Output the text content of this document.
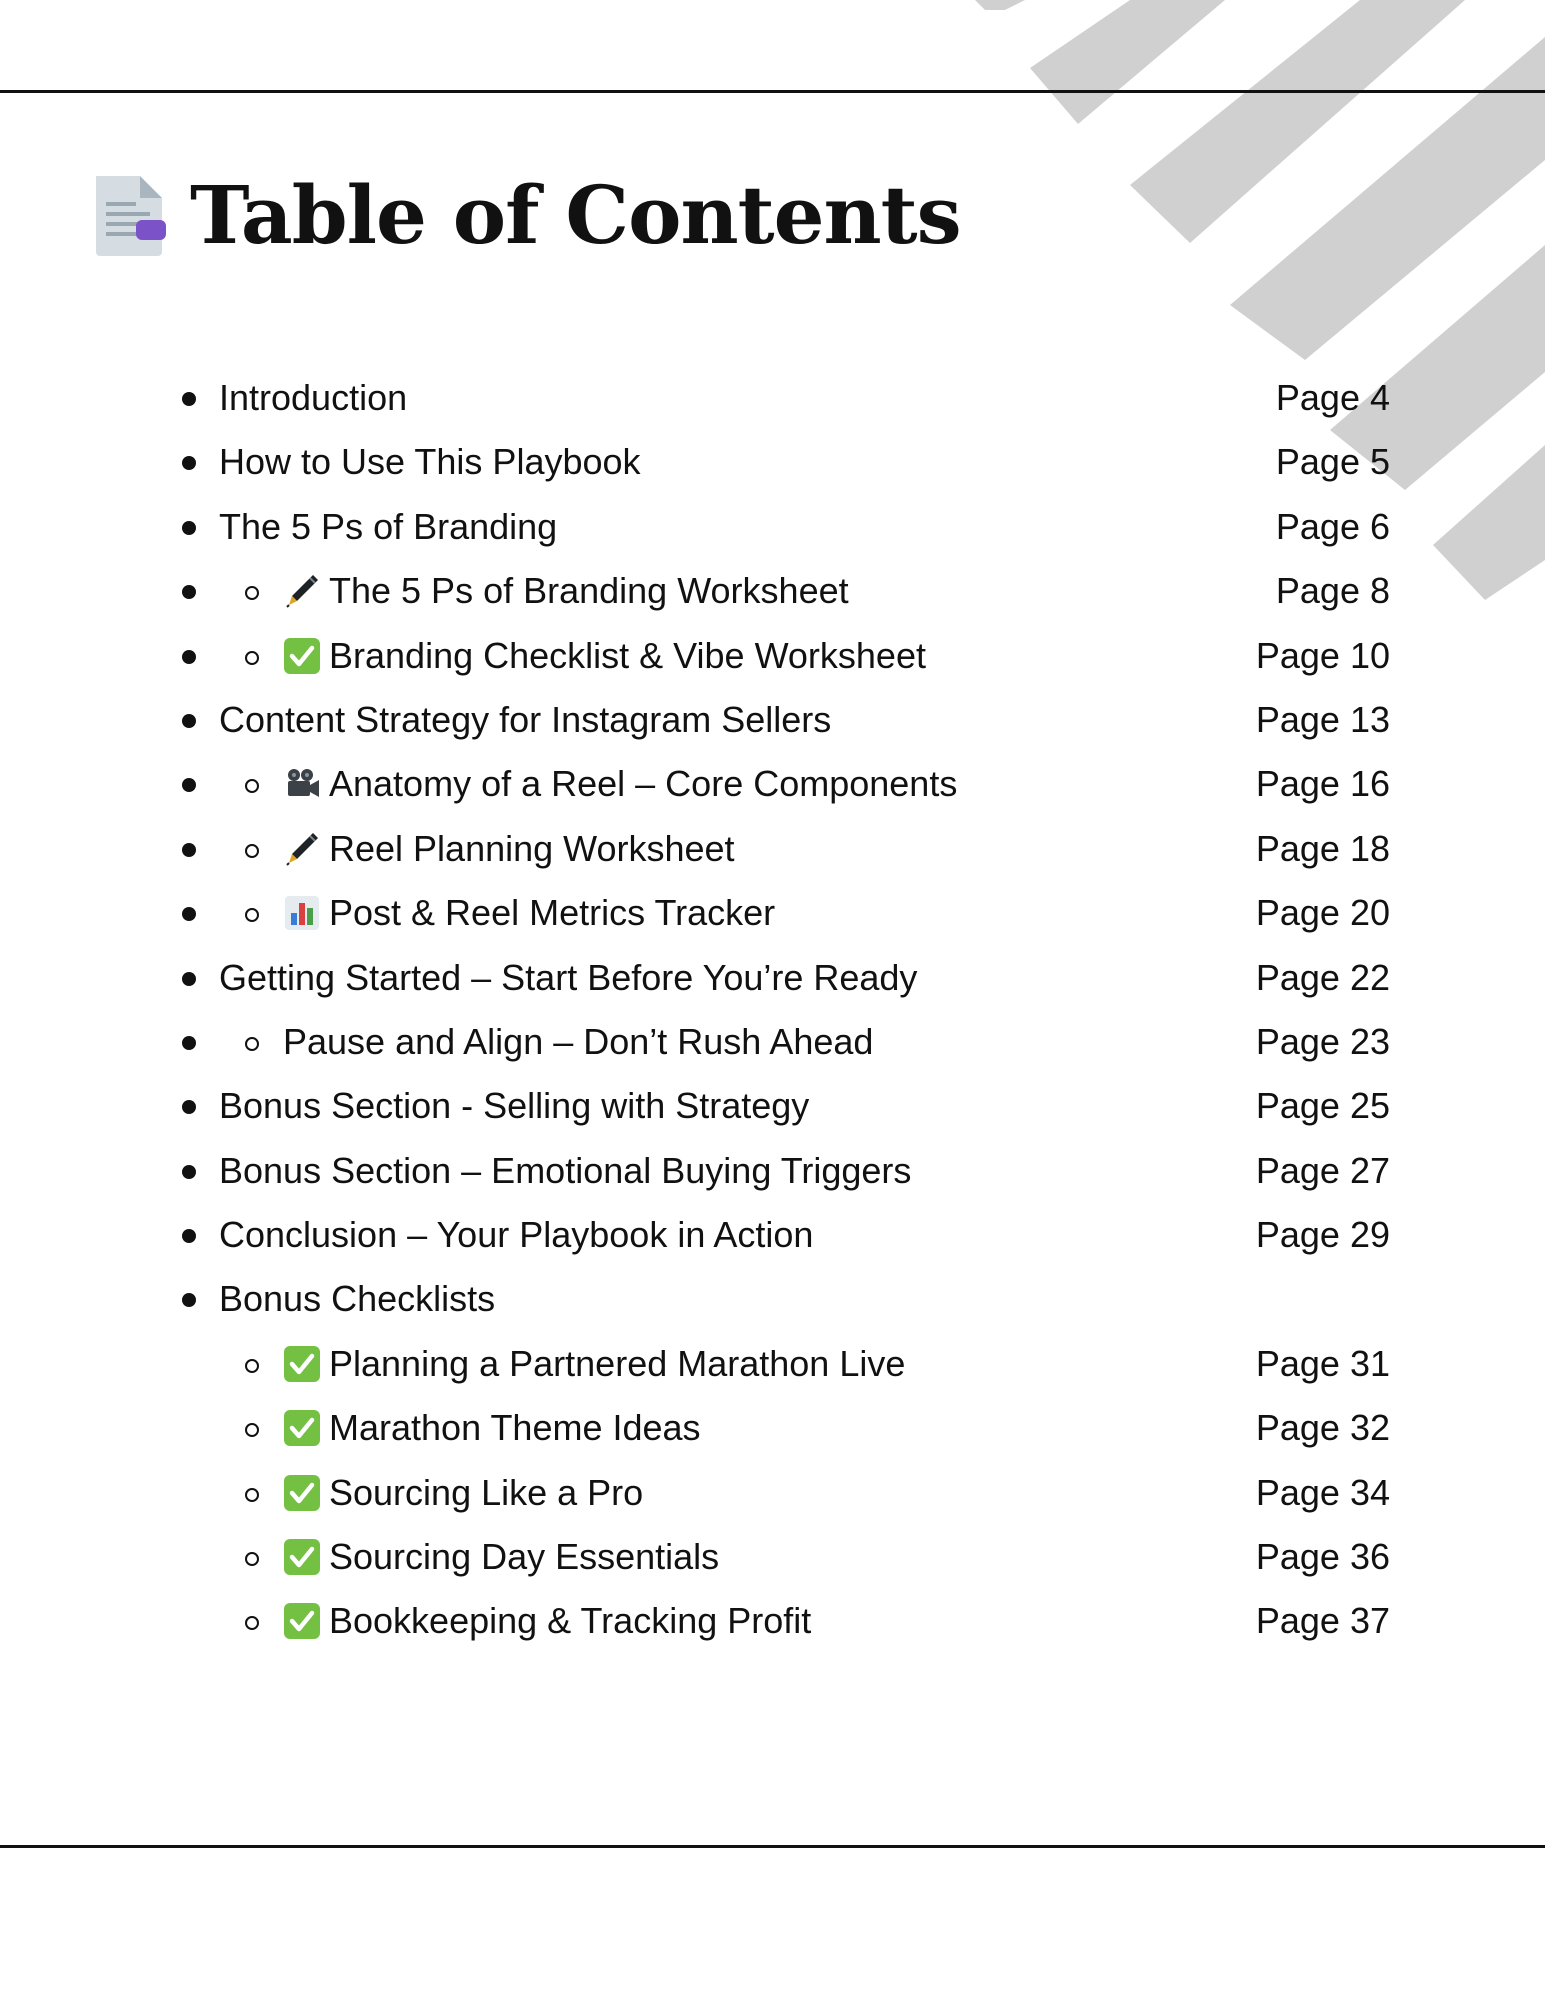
Table of Contents
Introduction	Page 4
How to Use This Playbook	Page 5
The 5 Ps of Branding	Page 6
The 5 Ps of Branding Worksheet	Page 8
Branding Checklist & Vibe Worksheet	Page 10
Content Strategy for Instagram Sellers	Page 13
Anatomy of a Reel – Core Components	Page 16
Reel Planning Worksheet	Page 18
Post & Reel Metrics Tracker	Page 20
Getting Started – Start Before You’re Ready	Page 22
Pause and Align – Don’t Rush Ahead	Page 23
Bonus Section - Selling with Strategy	Page 25
Bonus Section – Emotional Buying Triggers	Page 27
Conclusion – Your Playbook in Action	Page 29
Bonus Checklists
Planning a Partnered Marathon Live	Page 31
Marathon Theme Ideas	Page 32
Sourcing Like a Pro	Page 34
Sourcing Day Essentials	Page 36
Bookkeeping & Tracking Profit	Page 37
